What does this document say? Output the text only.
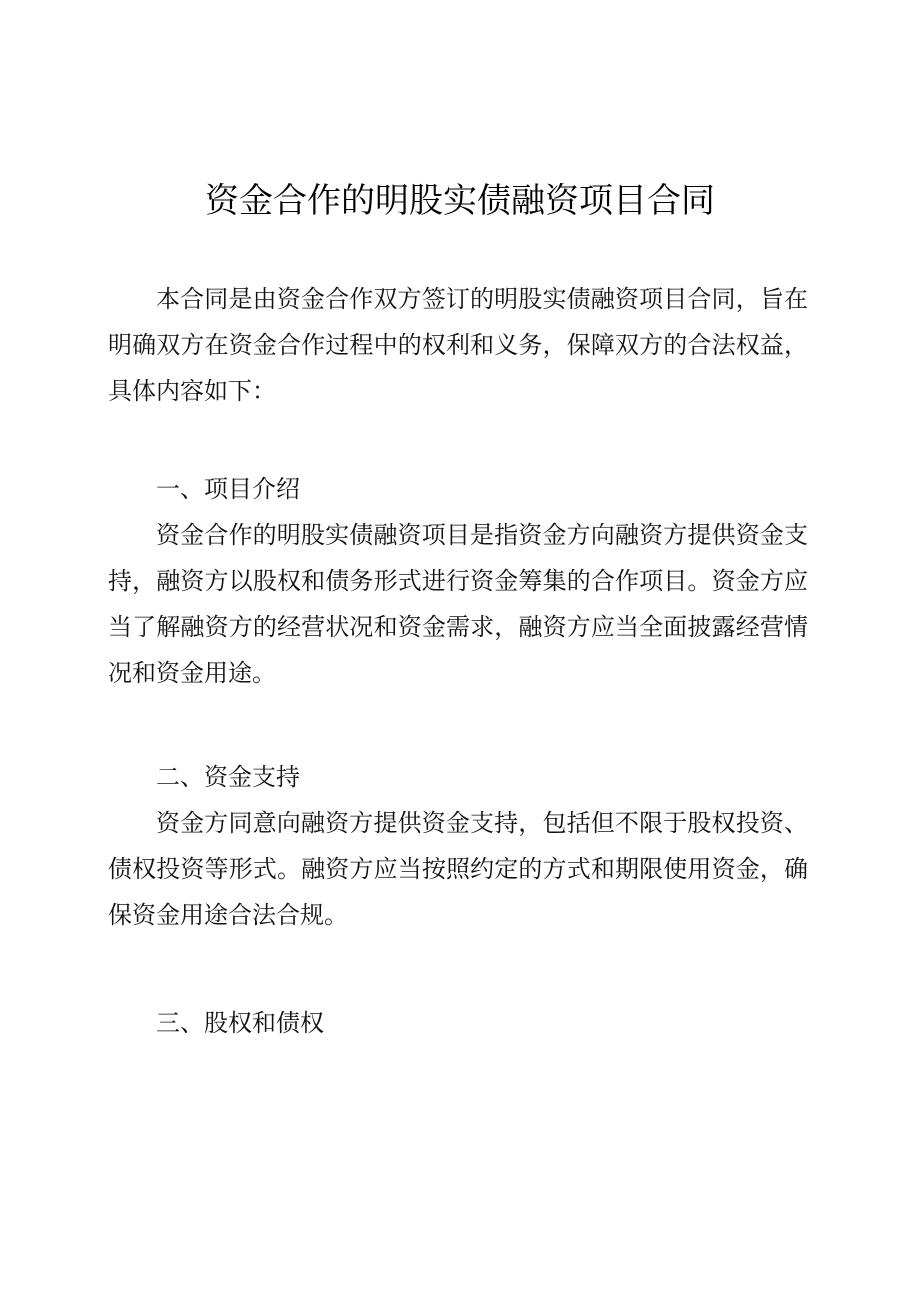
资金合作的明股实债融资项目合同

本合同是由资金合作双方签订的明股实债融资项目合同，旨在明确双方在资金合作过程中的权利和义务，保障双方的合法权益，具体内容如下：

一、项目介绍

资金合作的明股实债融资项目是指资金方向融资方提供资金支持，融资方以股权和债务形式进行资金筹集的合作项目。资金方应当了解融资方的经营状况和资金需求，融资方应当全面披露经营情况和资金用途。

二、资金支持

资金方同意向融资方提供资金支持，包括但不限于股权投资、债权投资等形式。融资方应当按照约定的方式和期限使用资金，确保资金用途合法合规。

三、股权和债权
